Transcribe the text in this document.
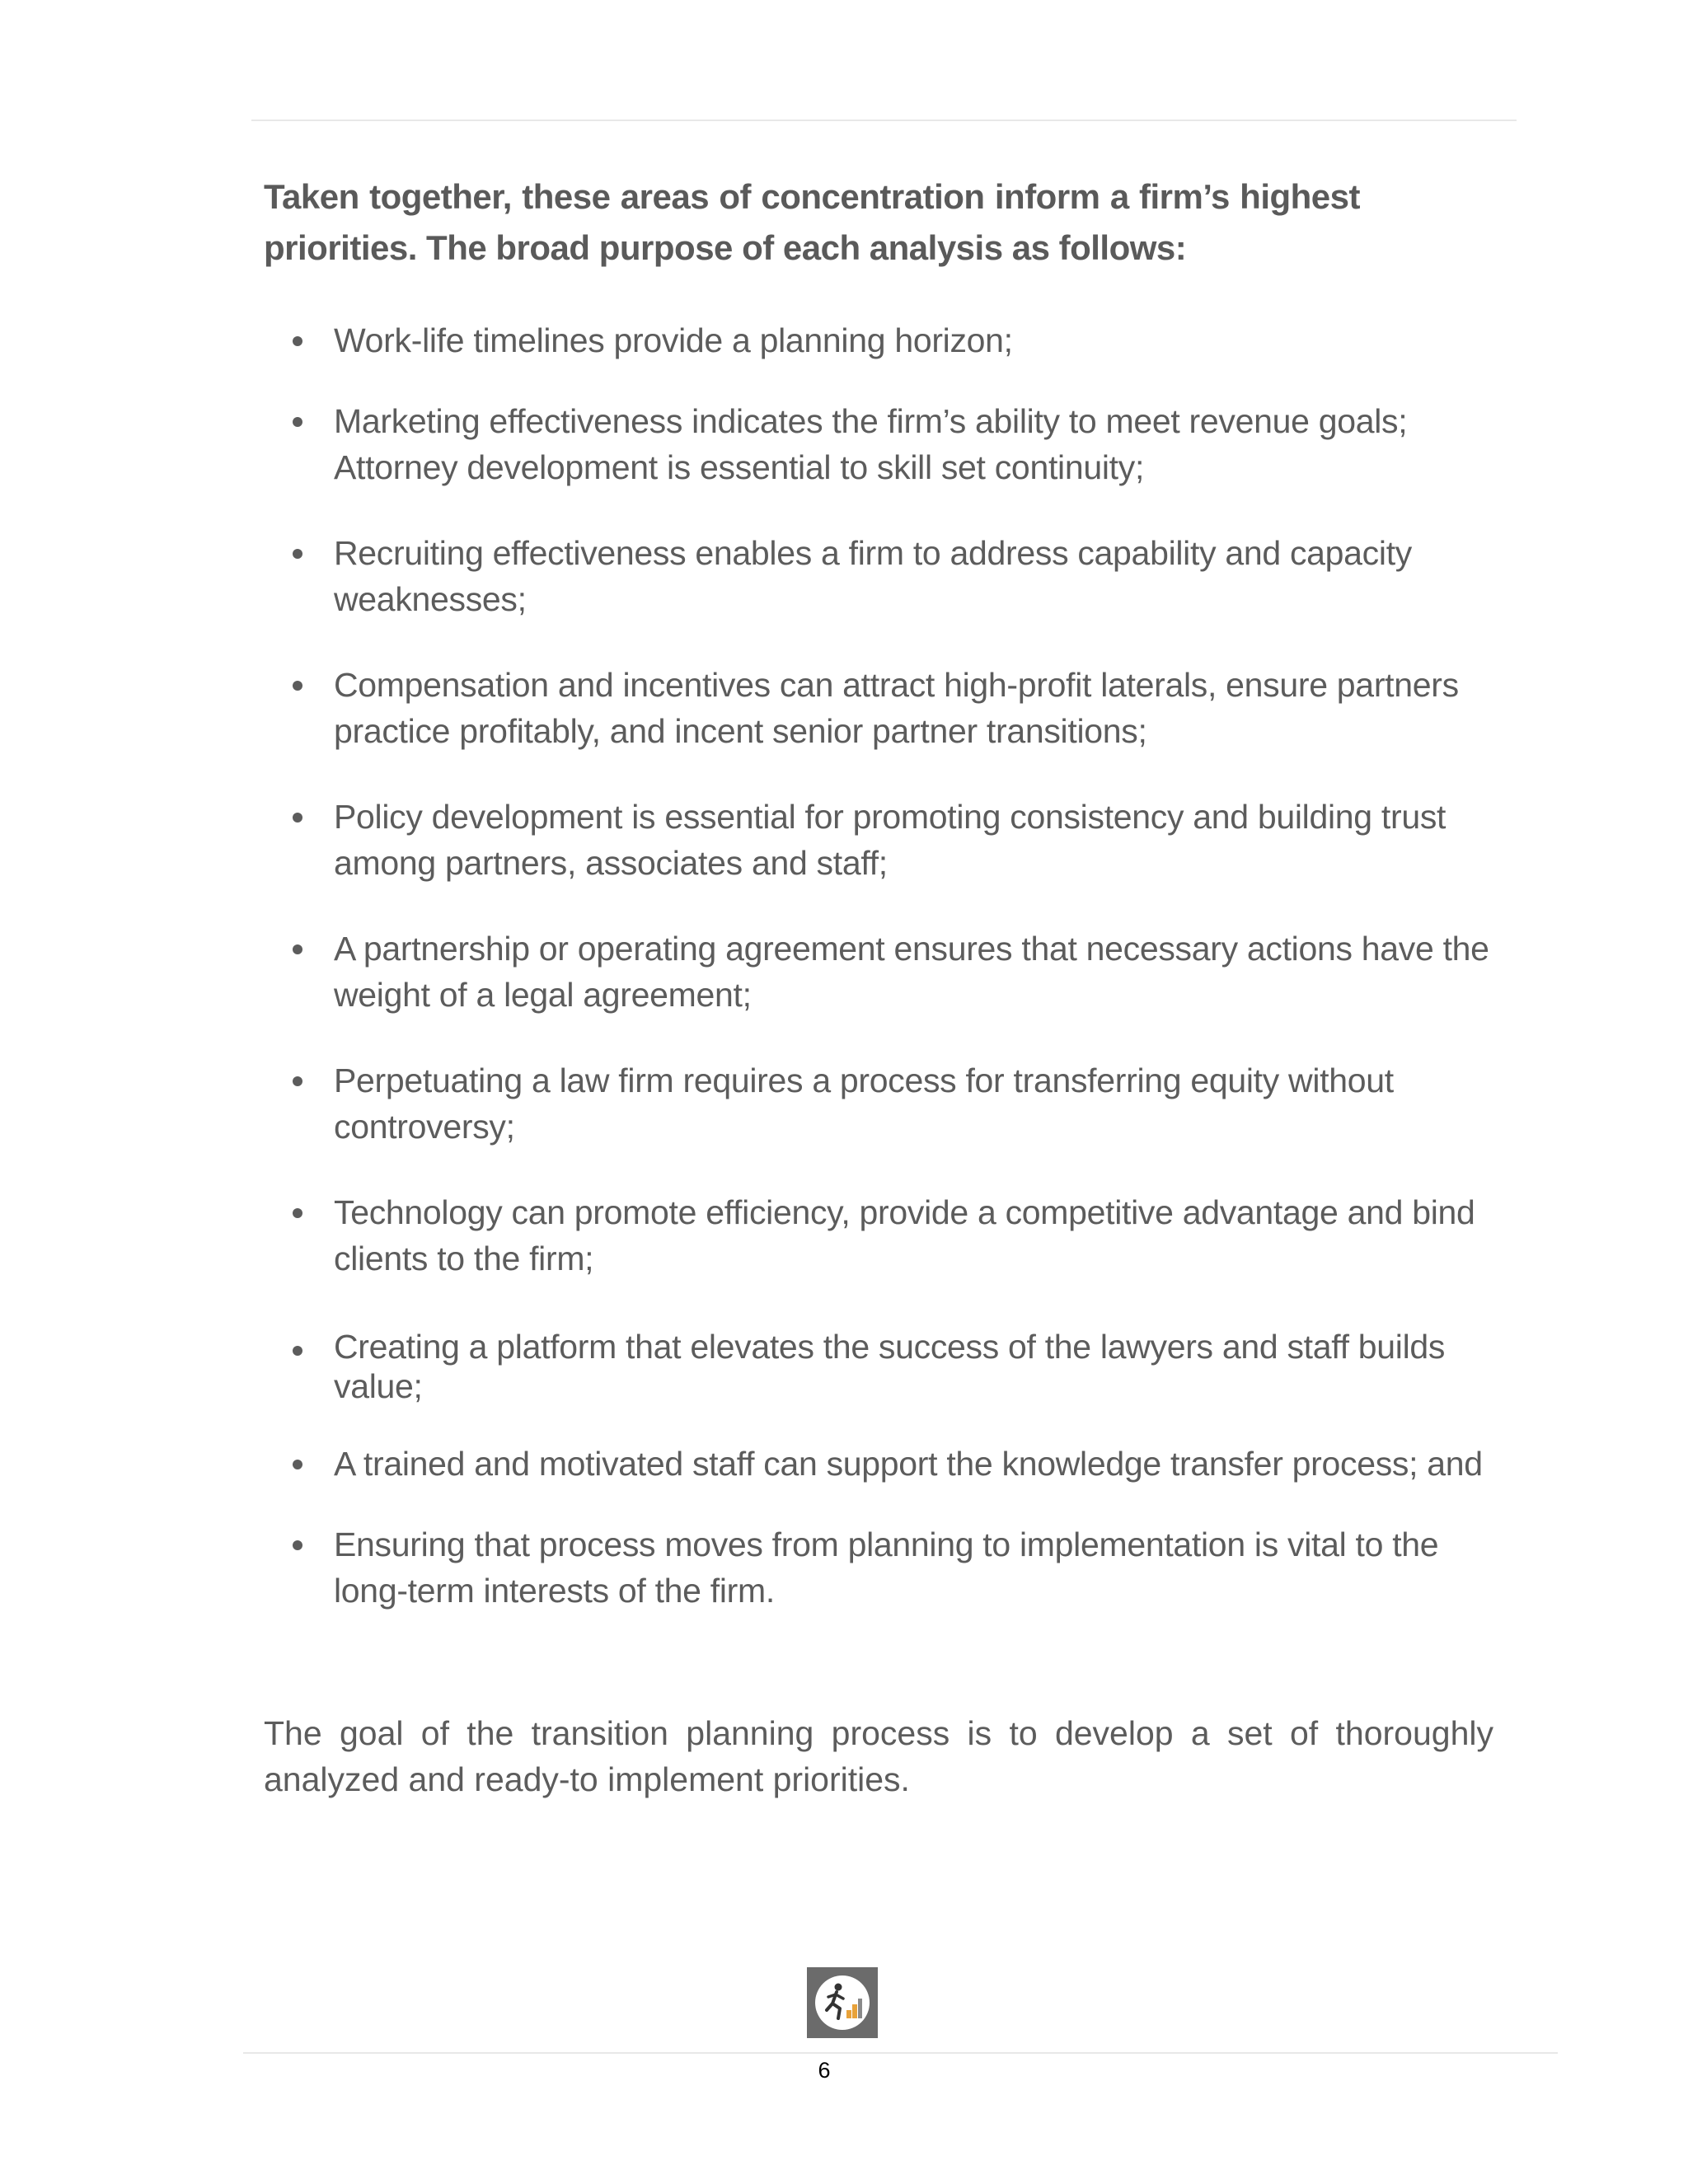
Taken together, these areas of concentration inform a firm’s highest priorities. The broad purpose of each analysis as follows:

Work-life timelines provide a planning horizon;
Marketing effectiveness indicates the firm’s ability to meet revenue goals; Attorney development is essential to skill set continuity;
Recruiting effectiveness enables a firm to address capability and capacity weaknesses;
Compensation and incentives can attract high-profit laterals, ensure partners practice profitably, and incent senior partner transitions;
Policy development is essential for promoting consistency and building trust among partners, associates and staff;
A partnership or operating agreement ensures that necessary actions have the weight of a legal agreement;
Perpetuating a law firm requires a process for transferring equity without controversy;
Technology can promote efficiency, provide a competitive advantage and bind clients to the firm;
Creating a platform that elevates the success of the lawyers and staff builds value;
A trained and motivated staff can support the knowledge transfer process; and
Ensuring that process moves from planning to implementation is vital to the long-term interests of the firm.

The goal of the transition planning process is to develop a set of thoroughly analyzed and ready-to implement priorities.

6
